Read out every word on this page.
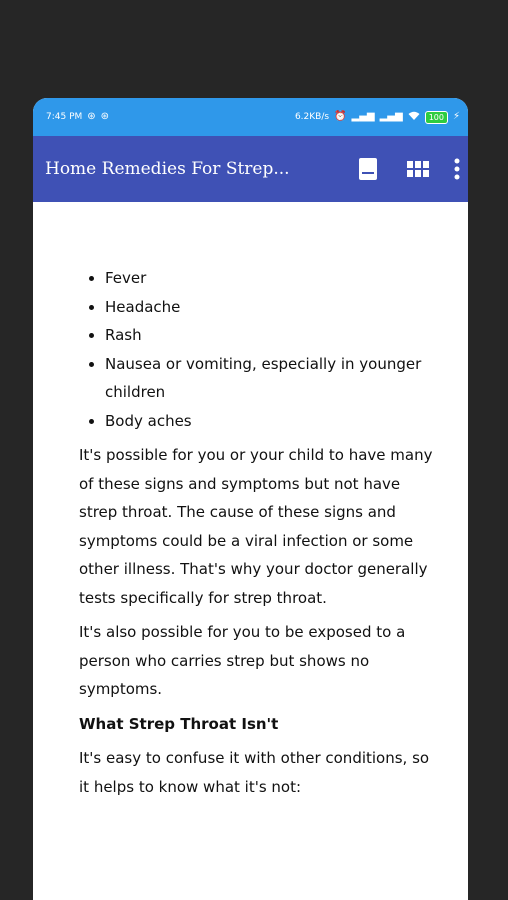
7:45 PM ⊛ ⊛	6.2KB/s ⏰ ▂▄▆ ▂▄▆	100 ⚡
Home Remedies For Strep...
• Fever
• Headache
• Rash
• Nausea or vomiting, especially in younger children
• Body aches

It's possible for you or your child to have many of these signs and symptoms but not have strep throat. The cause of these signs and symptoms could be a viral infection or some other illness. That's why your doctor generally tests specifically for strep throat.

It's also possible for you to be exposed to a person who carries strep but shows no symptoms.

What Strep Throat Isn't

It's easy to confuse it with other conditions, so it helps to know what it's not:
